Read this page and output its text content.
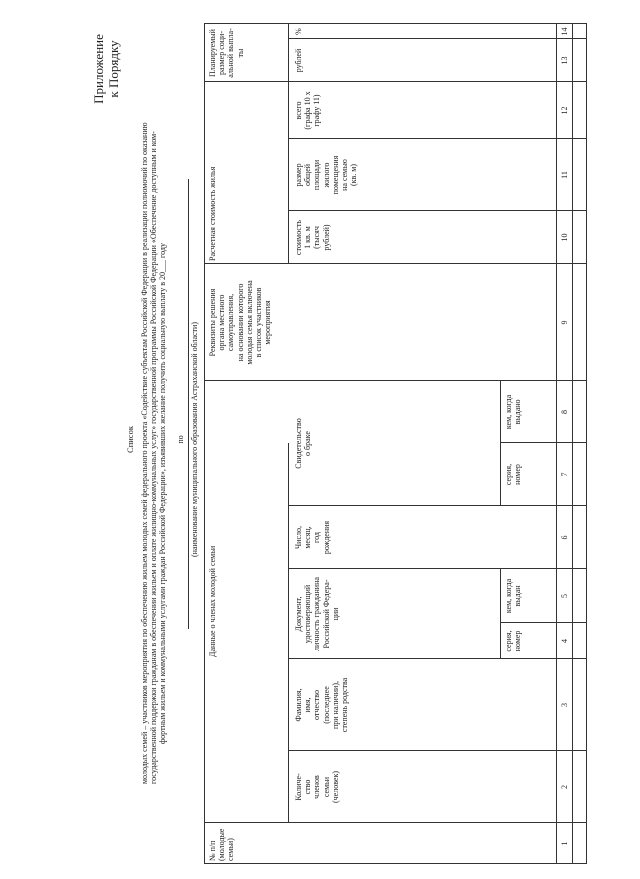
Приложение к Порядку
Список молодых семей – участников мероприятия по обеспечению жильем молодых семей федерального проекта «Содействие субъектам Российской Федерации в реализации полномочий по оказанию государственной поддержки гражданам в обеспечении жильем и оплате жилищно-коммунальных услуг» государственной программы Российской Федерации «Обеспечение доступным и ком- фортным жильем и коммунальными услугами граждан Российской Федерации», изъявивших желание получить социальную выплату в 20___ году по (наименование муниципального образования Астраханской области)
№ п/п (молодые семьи)
Данные о членах молодой семьи
Количе- ство членов семьи (человек)
Фамилия, имя, отчество (последнее при наличии), степень родства
Документ, удостоверяющий личность гражданина Российской Федера- ции
серия, номер
кем, когда выдан
Число, месяц, год рождения
Свидетельство о браке
серия, номер
кем, когда выдано
Реквизиты решения органа местного самоуправления, на основании которого молодая семья включена в список участников мероприятия
Расчетная стоимость жилья	стоимость 1 кв. м (тысяч рублей)
размер общей площади жилого помещения на семью (кв. м)
всего (графа 10 х графу 11)
Планируемый размер соци- альной выпла- ты	рублей
%
1
2
3
4
5
6
7
8
9
10
11
12
13
14
